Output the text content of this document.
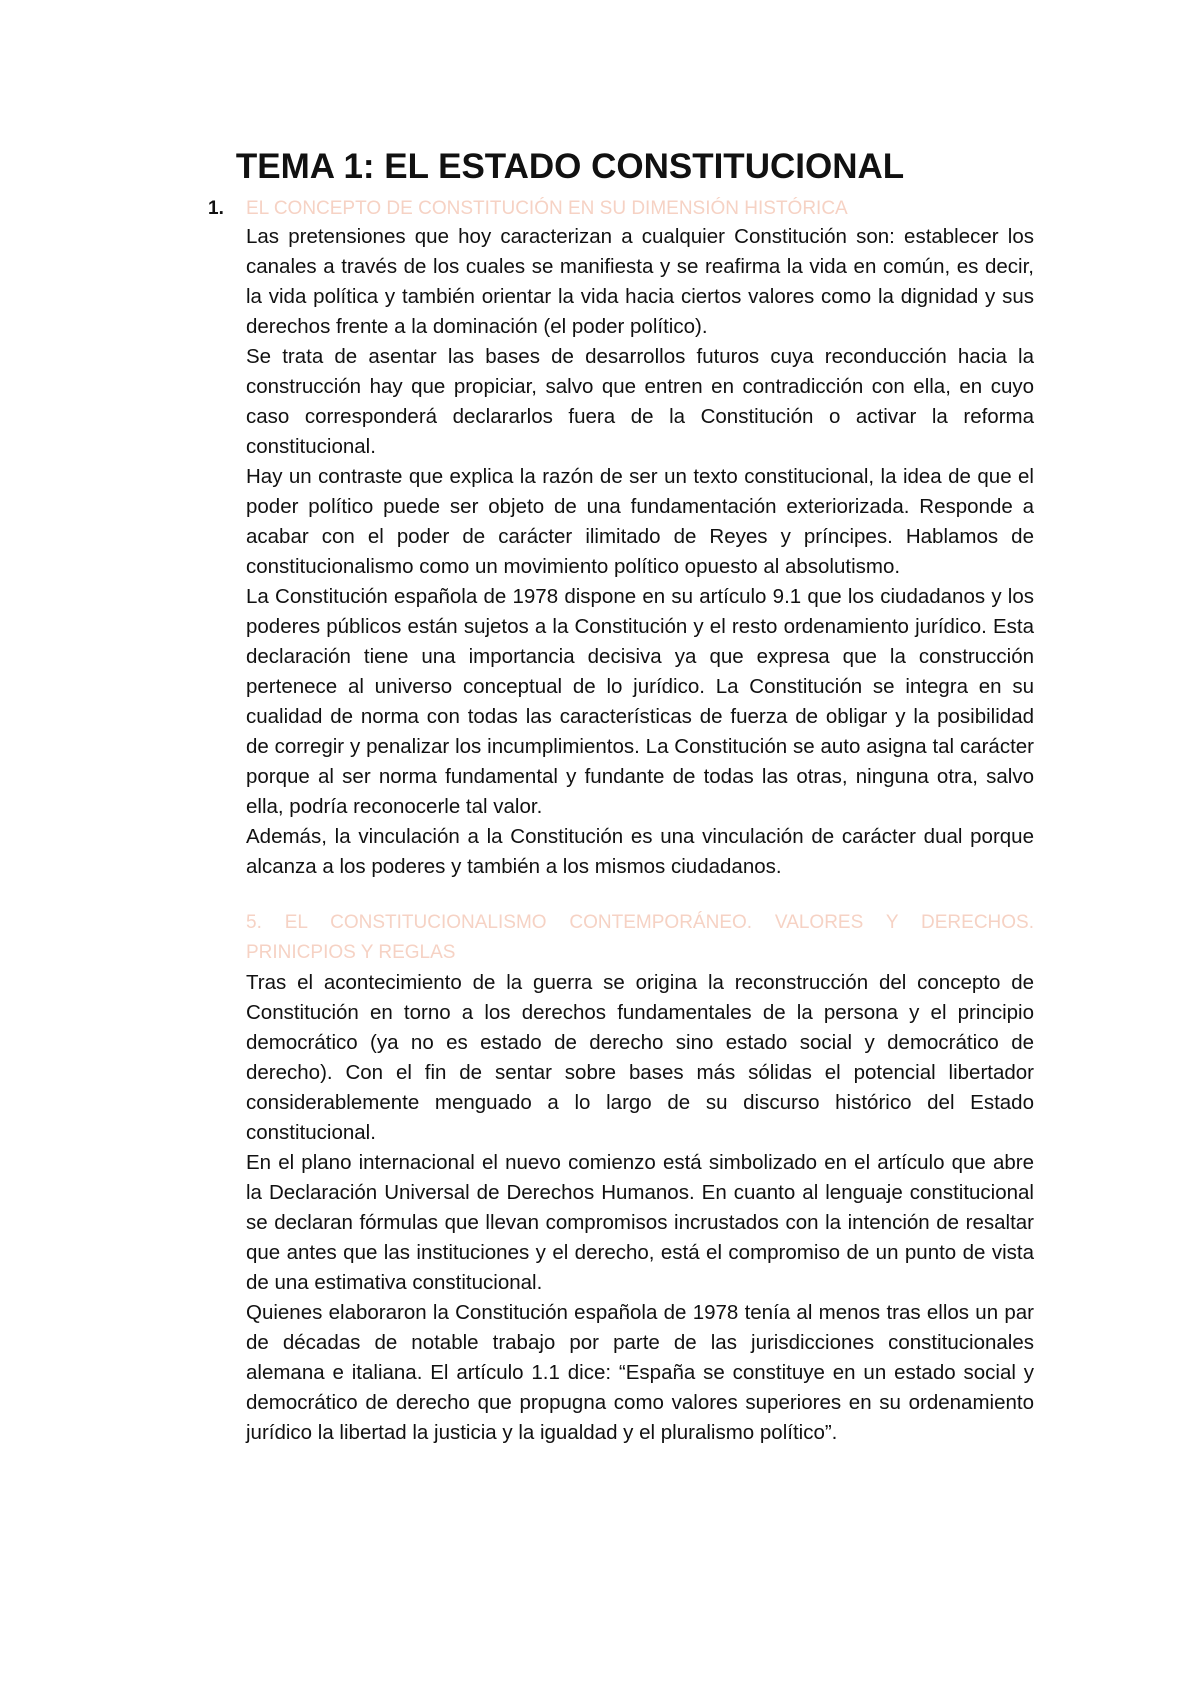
TEMA 1: EL ESTADO CONSTITUCIONAL
1. EL CONCEPTO DE CONSTITUCIÓN EN SU DIMENSIÓN HISTÓRICA

Las pretensiones que hoy caracterizan a cualquier Constitución son: establecer los canales a través de los cuales se manifiesta y se reafirma la vida en común, es decir, la vida política y también orientar la vida hacia ciertos valores como la dignidad y sus derechos frente a la dominación (el poder político).

Se trata de asentar las bases de desarrollos futuros cuya reconducción hacia la construcción hay que propiciar, salvo que entren en contradicción con ella, en cuyo caso corresponderá declararlos fuera de la Constitución o activar la reforma constitucional.

Hay un contraste que explica la razón de ser un texto constitucional, la idea de que el poder político puede ser objeto de una fundamentación exteriorizada. Responde a acabar con el poder de carácter ilimitado de Reyes y príncipes. Hablamos de constitucionalismo como un movimiento político opuesto al absolutismo.

La Constitución española de 1978 dispone en su artículo 9.1 que los ciudadanos y los poderes públicos están sujetos a la Constitución y el resto ordenamiento jurídico. Esta declaración tiene una importancia decisiva ya que expresa que la construcción pertenece al universo conceptual de lo jurídico. La Constitución se integra en su cualidad de norma con todas las características de fuerza de obligar y la posibilidad de corregir y penalizar los incumplimientos. La Constitución se auto asigna tal carácter porque al ser norma fundamental y fundante de todas las otras, ninguna otra, salvo ella, podría reconocerle tal valor.

Además, la vinculación a la Constitución es una vinculación de carácter dual porque alcanza a los poderes y también a los mismos ciudadanos.

5. EL CONSTITUCIONALISMO CONTEMPORÁNEO. VALORES Y DERECHOS. PRINICPIOS Y REGLAS

Tras el acontecimiento de la guerra se origina la reconstrucción del concepto de Constitución en torno a los derechos fundamentales de la persona y el principio democrático (ya no es estado de derecho sino estado social y democrático de derecho). Con el fin de sentar sobre bases más sólidas el potencial libertador considerablemente menguado a lo largo de su discurso histórico del Estado constitucional.

En el plano internacional el nuevo comienzo está simbolizado en el artículo que abre la Declaración Universal de Derechos Humanos. En cuanto al lenguaje constitucional se declaran fórmulas que llevan compromisos incrustados con la intención de resaltar que antes que las instituciones y el derecho, está el compromiso de un punto de vista de una estimativa constitucional.

Quienes elaboraron la Constitución española de 1978 tenía al menos tras ellos un par de décadas de notable trabajo por parte de las jurisdicciones constitucionales alemana e italiana. El artículo 1.1 dice: “España se constituye en un estado social y democrático de derecho que propugna como valores superiores en su ordenamiento jurídico la libertad la justicia y la igualdad y el pluralismo político”.
